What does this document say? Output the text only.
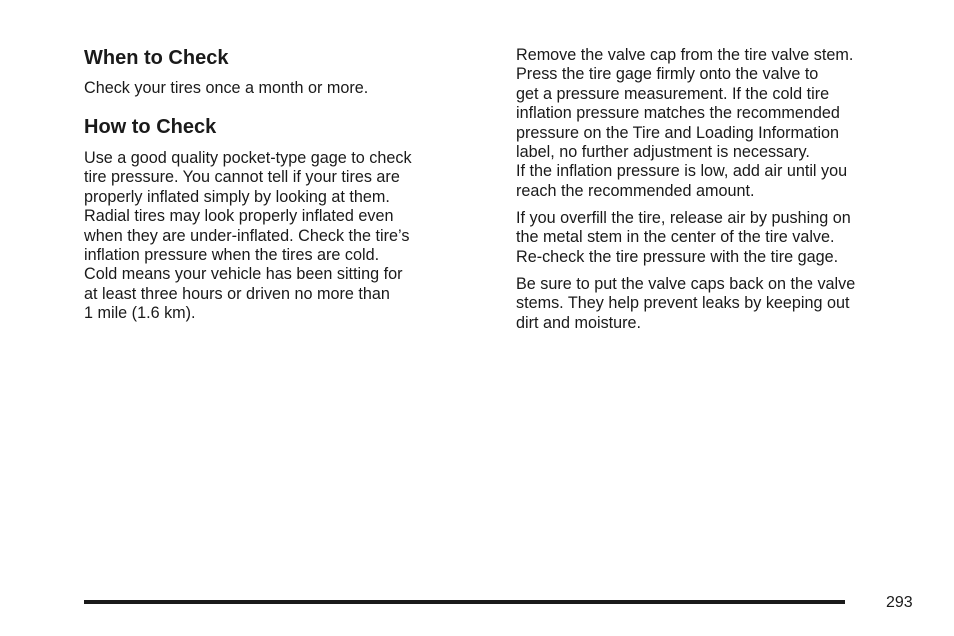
When to Check

Check your tires once a month or more.

How to Check

Use a good quality pocket-type gage to check
tire pressure. You cannot tell if your tires are
properly inflated simply by looking at them.
Radial tires may look properly inflated even
when they are under-inflated. Check the tire’s
inflation pressure when the tires are cold.
Cold means your vehicle has been sitting for
at least three hours or driven no more than
1 mile (1.6 km).

Remove the valve cap from the tire valve stem.
Press the tire gage firmly onto the valve to
get a pressure measurement. If the cold tire
inflation pressure matches the recommended
pressure on the Tire and Loading Information
label, no further adjustment is necessary.
If the inflation pressure is low, add air until you
reach the recommended amount.

If you overfill the tire, release air by pushing on
the metal stem in the center of the tire valve.
Re-check the tire pressure with the tire gage.

Be sure to put the valve caps back on the valve
stems. They help prevent leaks by keeping out
dirt and moisture.

293
